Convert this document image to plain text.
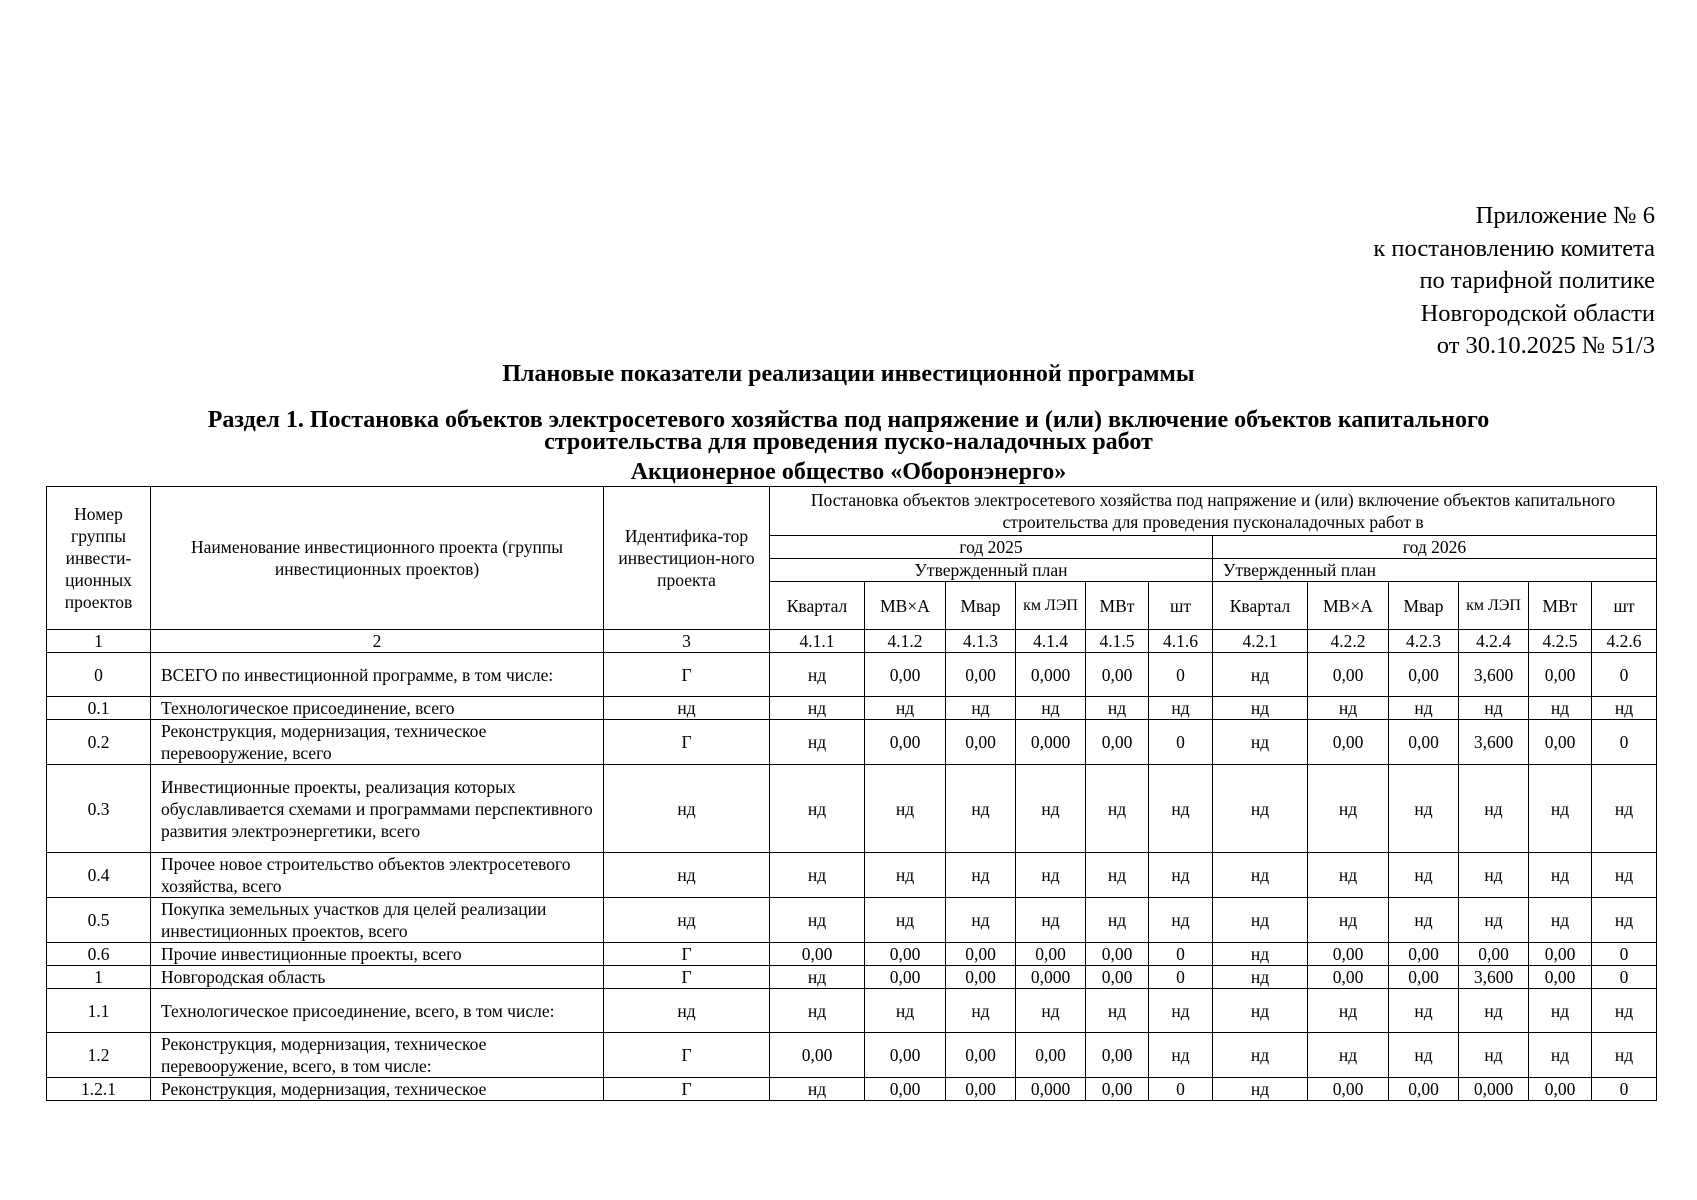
Приложение № 6
к постановлению комитета
по тарифной политике
Новгородской области
от 30.10.2025 № 51/3
Плановые показатели реализации инвестиционной программы
Раздел 1. Постановка объектов электросетевого хозяйства под напряжение и (или) включение объектов капитального
строительства для проведения пуско-наладочных работ
Акционерное общество «Оборонэнерго»
Номер группы инвести-ционных проектов	Наименование инвестиционного проекта (группы инвестиционных проектов)	Идентифика-тор инвестицион-ного проекта	Постановка объектов электросетевого хозяйства под напряжение и (или) включение объектов капитального строительства для проведения пусконаладочных работ в											
			год 2025						год 2026					
			Утвержденный план						Утвержденный план					
			Квартал	МВ×А	Мвар	км ЛЭП	МВт	шт	Квартал	МВ×А	Мвар	км ЛЭП	МВт	шт
1	2	3	4.1.1	4.1.2	4.1.3	4.1.4	4.1.5	4.1.6	4.2.1	4.2.2	4.2.3	4.2.4	4.2.5	4.2.6
0	ВСЕГО по инвестиционной программе, в том числе:	Г	нд	0,00	0,00	0,000	0,00	0	нд	0,00	0,00	3,600	0,00	0
0.1	Технологическое присоединение, всего	нд	нд	нд	нд	нд	нд	нд	нд	нд	нд	нд	нд	нд
0.2	Реконструкция, модернизация, техническое перевооружение, всего	Г	нд	0,00	0,00	0,000	0,00	0	нд	0,00	0,00	3,600	0,00	0
0.3	Инвестиционные проекты, реализация которых обуславливается схемами и программами перспективного развития электроэнергетики, всего	нд	нд	нд	нд	нд	нд	нд	нд	нд	нд	нд	нд	нд
0.4	Прочее новое строительство объектов электросетевого хозяйства, всего	нд	нд	нд	нд	нд	нд	нд	нд	нд	нд	нд	нд	нд
0.5	Покупка земельных участков для целей реализации инвестиционных проектов, всего	нд	нд	нд	нд	нд	нд	нд	нд	нд	нд	нд	нд	нд
0.6	Прочие инвестиционные проекты, всего	Г	0,00	0,00	0,00	0,00	0,00	0	нд	0,00	0,00	0,00	0,00	0
1	Новгородская область	Г	нд	0,00	0,00	0,000	0,00	0	нд	0,00	0,00	3,600	0,00	0
1.1	Технологическое присоединение, всего, в том числе:	нд	нд	нд	нд	нд	нд	нд	нд	нд	нд	нд	нд	нд
1.2	Реконструкция, модернизация, техническое перевооружение, всего, в том числе:	Г	0,00	0,00	0,00	0,00	0,00	нд	нд	нд	нд	нд	нд	нд
1.2.1	Реконструкция, модернизация, техническое	Г	нд	0,00	0,00	0,000	0,00	0	нд	0,00	0,00	0,000	0,00	0
